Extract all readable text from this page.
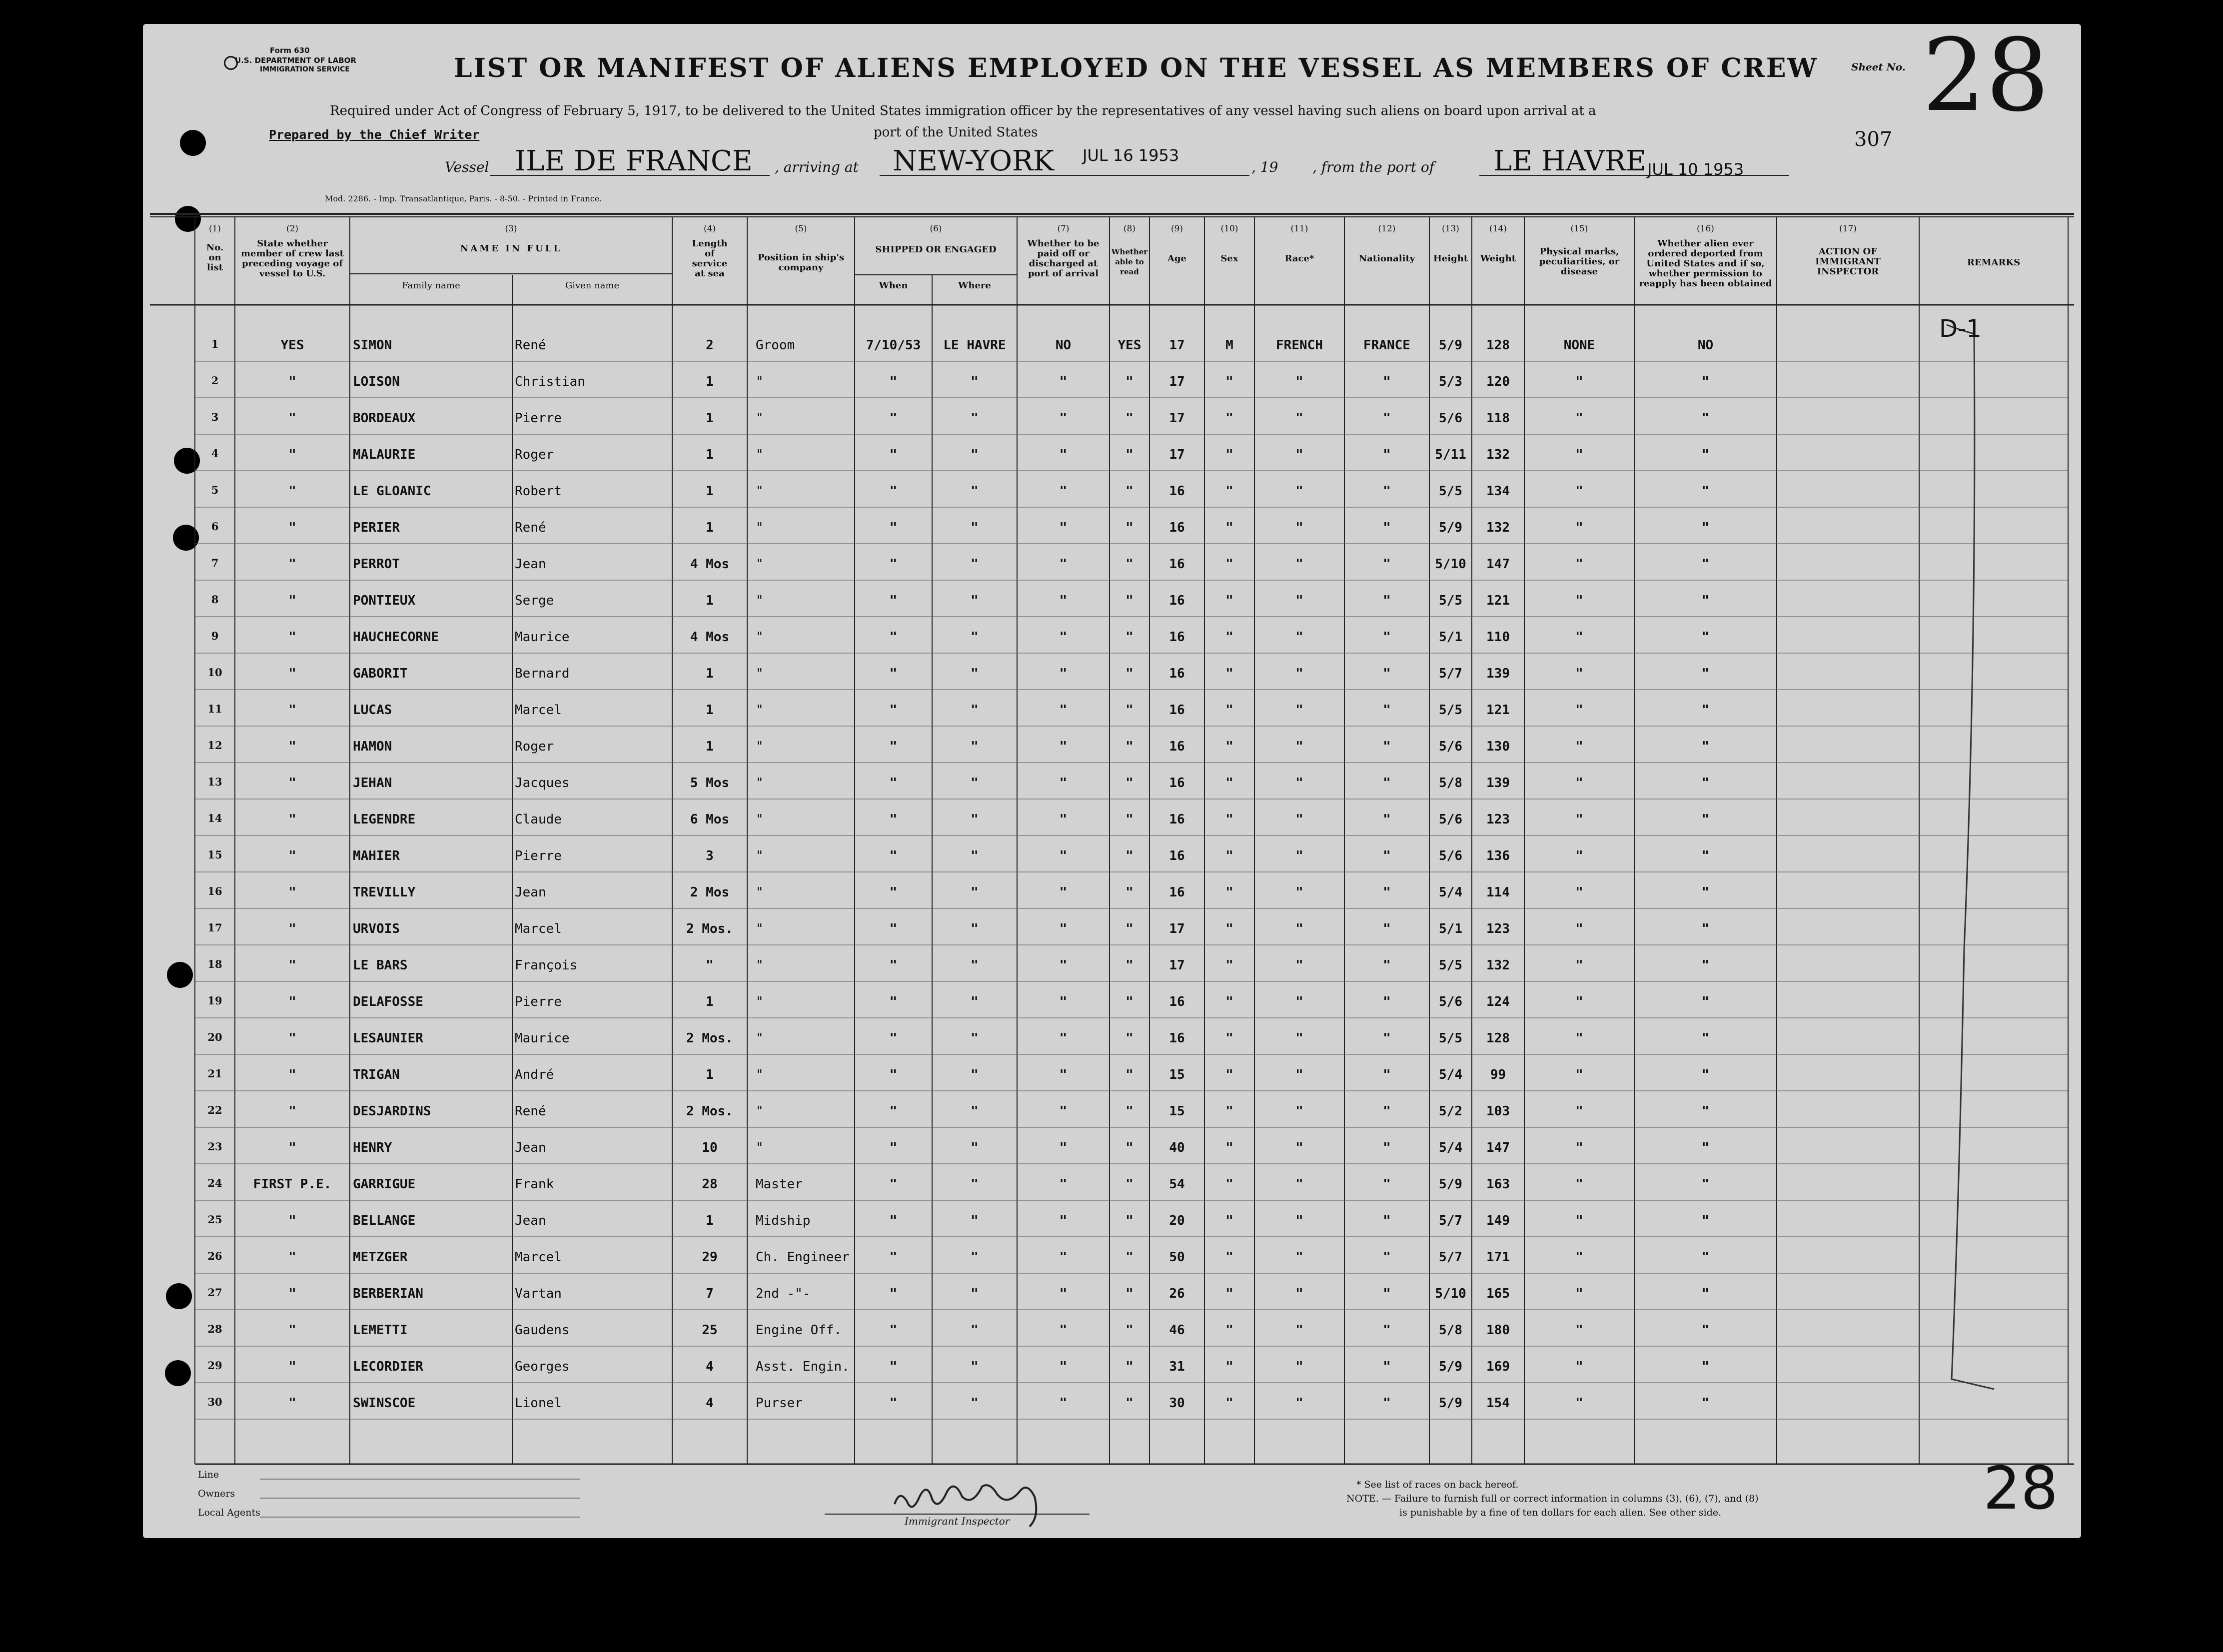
Form 630
U.S. DEPARTMENT OF LABOR
IMMIGRATION SERVICE	LIST OR MANIFEST OF ALIENS EMPLOYED ON THE VESSEL AS MEMBERS OF CREW	Sheet No. 28
Required under Act of Congress of February 5, 1917, to be delivered to the United States immigration officer by the representatives of any vessel having such aliens on board upon arrival at a
port of the United States
Prepared by the Chief Writer	307
Vessel ILE DE FRANCE , arriving at NEW-YORK JUL 16 1953
, 19 , from the port of LE HAVRE JUL 10 1953
Mod. 2286. - Imp. Transatlantique, Paris. - 8-50. - Printed in France.
(1)
No. on list
(2)
State whether member of crew last preceding voyage of vessel to U.S.
(3)
NAME IN FULL
Family name	Given name
(4)
Length of service at sea
(5)
Position in ship's company
(6)
SHIPPED OR ENGAGED
When	Where
(7)
Whether to be paid off or discharged at port of arrival
(8)
Whether able to read
(9)
Age
(10)
Sex
(11)
Race*
(12)
Nationality
(13)
Height
(14)
Weight
(15)
Physical marks, peculiarities, or disease
(16)
Whether alien ever ordered deported from United States and if so, whether permission to reapply has been obtained
(17)
ACTION OF IMMIGRANT INSPECTOR
REMARKS
1	YES	SIMON	René	2	Groom	7/10/53	LE HAVRE	NO	YES	17	M	FRENCH	FRANCE	5/9	128	NONE	NO
2	"	LOISON	Christian	1	"	"	"	"	"	17	"	"	"	5/3	120	"	"
3	"	BORDEAUX	Pierre	1	"	"	"	"	"	17	"	"	"	5/6	118	"	"
4	"	MALAURIE	Roger	1	"	"	"	"	"	17	"	"	"	5/11	132	"	"
5	"	LE GLOANIC	Robert	1	"	"	"	"	"	16	"	"	"	5/5	134	"	"
6	"	PERIER	René	1	"	"	"	"	"	16	"	"	"	5/9	132	"	"
7	"	PERROT	Jean	4 Mos	"	"	"	"	"	16	"	"	"	5/10	147	"	"
8	"	PONTIEUX	Serge	1	"	"	"	"	"	16	"	"	"	5/5	121	"	"
9	"	HAUCHECORNE	Maurice	4 Mos	"	"	"	"	"	16	"	"	"	5/1	110	"	"
10	"	GABORIT	Bernard	1	"	"	"	"	"	16	"	"	"	5/7	139	"	"
11	"	LUCAS	Marcel	1	"	"	"	"	"	16	"	"	"	5/5	121	"	"
12	"	HAMON	Roger	1	"	"	"	"	"	16	"	"	"	5/6	130	"	"
13	"	JEHAN	Jacques	5 Mos	"	"	"	"	"	16	"	"	"	5/8	139	"	"
14	"	LEGENDRE	Claude	6 Mos	"	"	"	"	"	16	"	"	"	5/6	123	"	"
15	"	MAHIER	Pierre	3	"	"	"	"	"	16	"	"	"	5/6	136	"	"
16	"	TREVILLY	Jean	2 Mos	"	"	"	"	"	16	"	"	"	5/4	114	"	"
17	"	URVOIS	Marcel	2 Mos.	"	"	"	"	"	17	"	"	"	5/1	123	"	"
18	"	LE BARS	François	"	"	"	"	"	"	17	"	"	"	5/5	132	"	"
19	"	DELAFOSSE	Pierre	1	"	"	"	"	"	16	"	"	"	5/6	124	"	"
20	"	LESAUNIER	Maurice	2 Mos.	"	"	"	"	"	16	"	"	"	5/5	128	"	"
21	"	TRIGAN	André	1	"	"	"	"	"	15	"	"	"	5/4	99	"	"
22	"	DESJARDINS	René	2 Mos.	"	"	"	"	"	15	"	"	"	5/2	103	"	"
23	"	HENRY	Jean	10	"	"	"	"	"	40	"	"	"	5/4	147	"	"
24	FIRST P.E.	GARRIGUE	Frank	28	Master	"	"	"	"	54	"	"	"	5/9	163	"	"
25	"	BELLANGE	Jean	1	Midship	"	"	"	"	20	"	"	"	5/7	149	"	"
26	"	METZGER	Marcel	29	Ch. Engineer	"	"	"	"	50	"	"	"	5/7	171	"	"
27	"	BERBERIAN	Vartan	7	2nd -"-	"	"	"	"	26	"	"	"	5/10	165	"	"
28	"	LEMETTI	Gaudens	25	Engine Off.	"	"	"	"	46	"	"	"	5/8	180	"	"
29	"	LECORDIER	Georges	4	Asst. Engin.	"	"	"	"	31	"	"	"	5/9	169	"	"
30	"	SWINSCOE	Lionel	4	Purser	"	"	"	"	30	"	"	"	5/9	154	"	"
D-1
Line
Owners
Local Agents
Goldberg
Immigrant Inspector
* See list of races on back hereof.
NOTE. — Failure to furnish full or correct information in columns (3), (6), (7), and (8)
is punishable by a fine of ten dollars for each alien. See other side.	28
